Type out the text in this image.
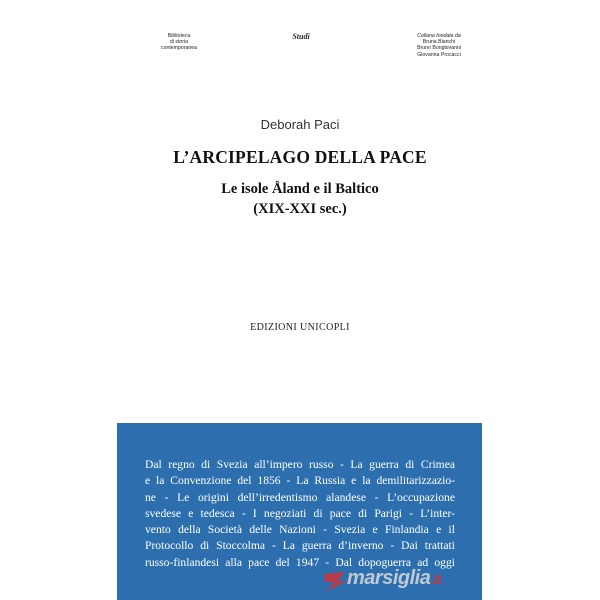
Biblioteca
di storia
contemporanea
Studi	Collana fondata da
Bruna Bianchi
Bruno Bongiovanni
Giovanna Procacci
Deborah Paci
L’ARCIPELAGO DELLA PACE
Le isole Åland e il Baltico
(XIX-XXI sec.)
EDIZIONI UNICOPLI
Dal regno di Svezia all’impero russo - La guerra di Crimea
e la Convenzione del 1856 - La Russia e la demilitarizzazio-
ne - Le origini dell’irredentismo alandese - L’occupazione
svedese e tedesca - I negoziati di pace di Parigi - L’inter-
vento della Società delle Nazioni - Svezia e Finlandia e il
Protocollo di Stoccolma - La guerra d’inverno - Dai trattati
russo-finlandesi alla pace del 1947 - Dal dopoguerra ad oggi
marsiglia.it
